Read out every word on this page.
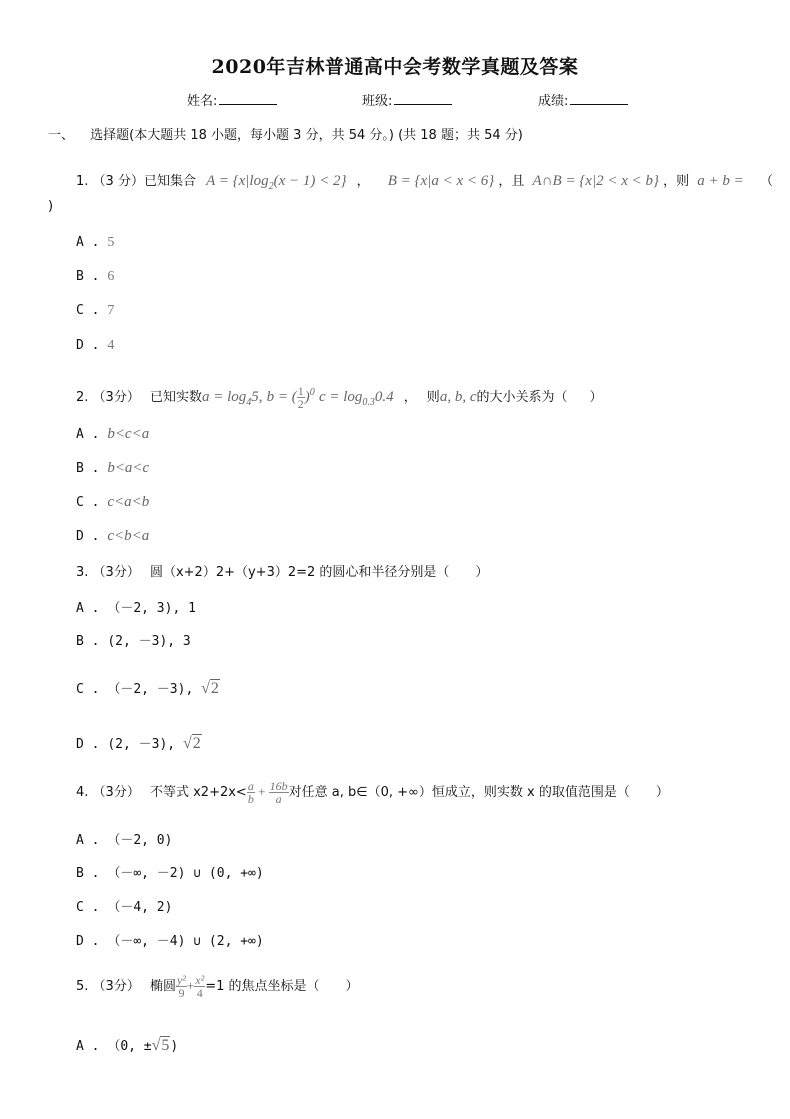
2020年吉林普通高中会考数学真题及答案
姓名:	班级:	成绩:
一、 选择题(本大题共 18 小题，每小题 3 分，共 54 分。) (共 18 题；共 54 分)
1. （3 分）已知集合 $A = \{x|\log_2(x - 1) < 2\}$ ， B = {x|a < x < 6} ，且 A∩B = {x|2 < x < b} ，则 a + b = （
)
A . 5
B . 6
C . 7
D . 4
2. （3分） 已知实数$a = \log_45$, b = ( $\frac{1}{2} )^0$ $c = \log_{0.3}0.4$ ， 则a, b, c的大小关系为（ ）
A . b<c<a
B . b<a<c
C . c<a<b
D . c<b<a
3. （3分） 圆（x+2）2+（y+3）2=2 的圆心和半径分别是（　　）
A . （－2, 3), 1
B . (2, －3), 3
C . （－2, －3), √2
D . (2, －3), √2
4. （3分） 不等式 $x2+2x< \frac{a}{b} + \frac{16b}{a}$ 对任意 a, b∈（0, +∞）恒成立，则实数 x 的取值范围是（　　）
A . （－2, 0)
B . （－∞, －2) ∪ (0, +∞)
C . （－4, 2)
D . （－∞, －4) ∪ (2, +∞)
5. （3分） 椭圆 $\frac{\text{y²}}{9} + \frac{\text{x²}}{4} =1$ 的焦点坐标是（　　）
A . （0, ±√5)
